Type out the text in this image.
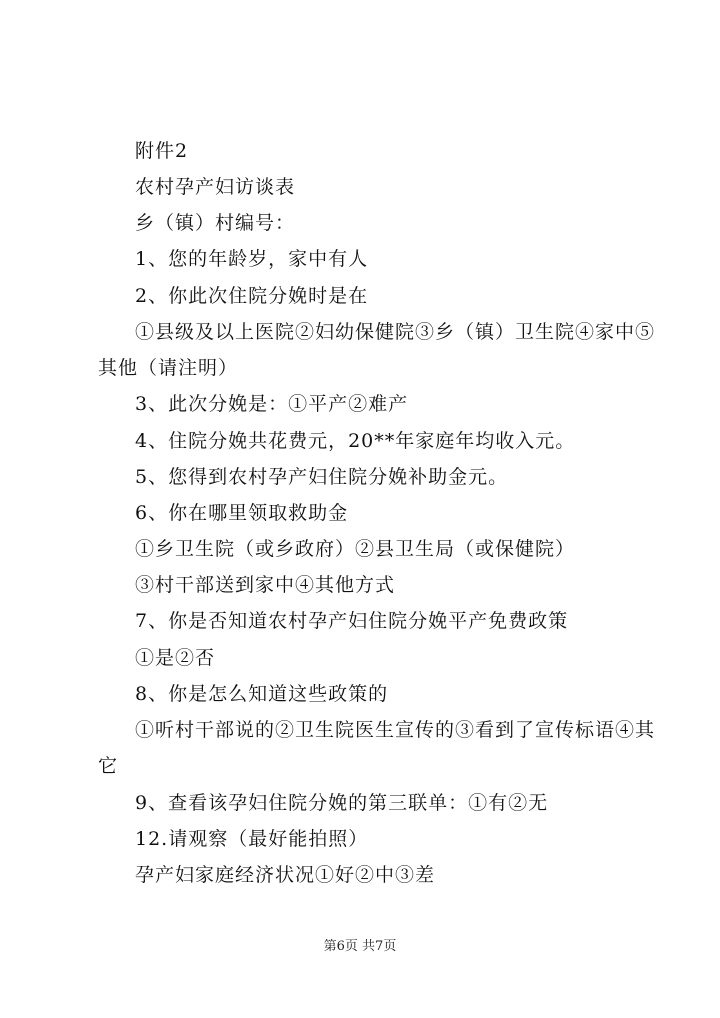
附件2
农村孕产妇访谈表
乡（镇）村编号：
1、您的年龄岁，家中有人
2、你此次住院分娩时是在
①县级及以上医院②妇幼保健院③乡（镇）卫生院④家中⑤
其他（请注明）
3、此次分娩是：①平产②难产
4、住院分娩共花费元，20**年家庭年均收入元。
5、您得到农村孕产妇住院分娩补助金元。
6、你在哪里领取救助金
①乡卫生院（或乡政府）②县卫生局（或保健院）
③村干部送到家中④其他方式
7、你是否知道农村孕产妇住院分娩平产免费政策
①是②否
8、你是怎么知道这些政策的
①听村干部说的②卫生院医生宣传的③看到了宣传标语④其
它
9、查看该孕妇住院分娩的第三联单：①有②无
12.请观察（最好能拍照）
孕产妇家庭经济状况①好②中③差
第6页 共7页
